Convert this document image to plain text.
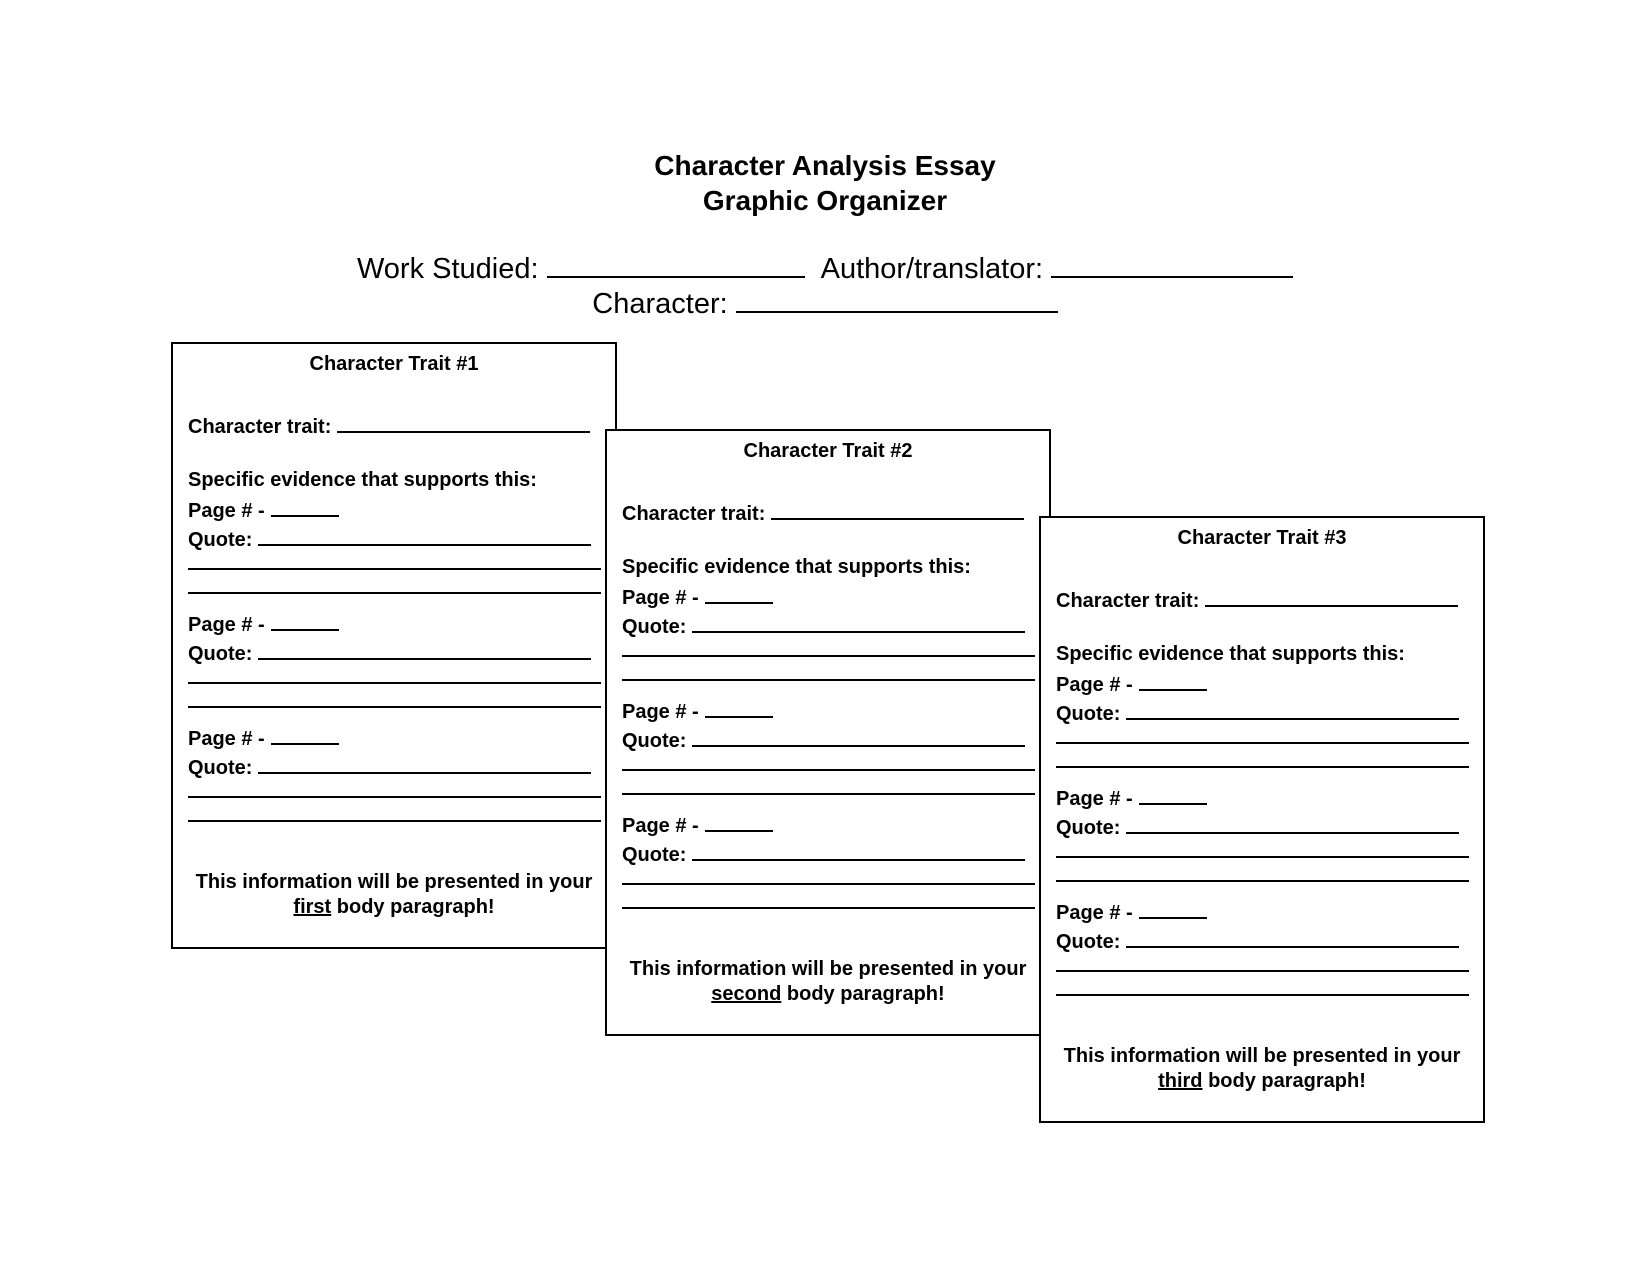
Character Analysis Essay
Graphic Organizer
Work Studied:	Author/translator:
Character:
Character Trait #1
Character trait:
Specific evidence that supports this:
Page # -
Quote:
Page # -
Quote:
Page # -
Quote:
This information will be presented in your
first body paragraph!
Character Trait #2
Character trait:
Specific evidence that supports this:
Page # -
Quote:
Page # -
Quote:
Page # -
Quote:
This information will be presented in your
second body paragraph!
Character Trait #3
Character trait:
Specific evidence that supports this:
Page # -
Quote:
Page # -
Quote:
Page # -
Quote:
This information will be presented in your
third body paragraph!
